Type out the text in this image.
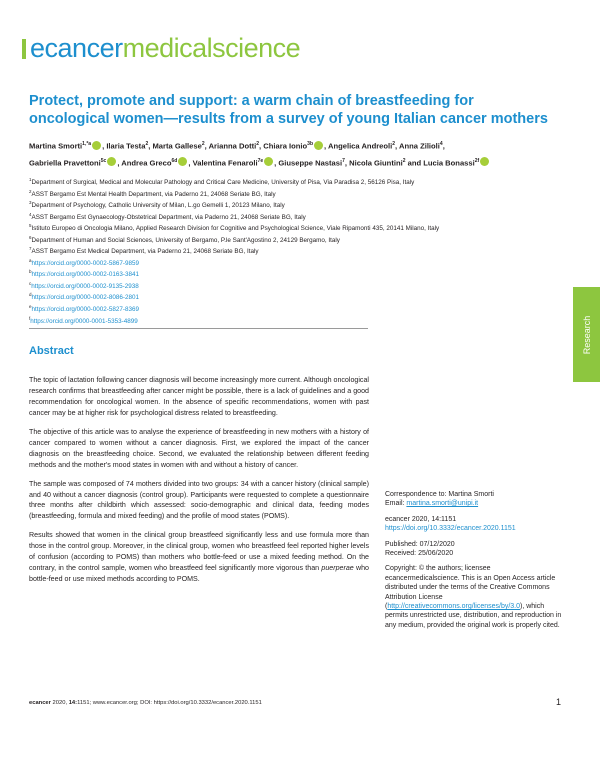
ecancermedicalscience
Protect, promote and support: a warm chain of breastfeeding for oncological women—results from a survey of young Italian cancer mothers
Martina Smorti$^{1,*a}$ , Ilaria Testa$^2$, Marta Gallese$^2$, Arianna Dotti$^2$, Chiara Ionio$^{3b}$ , Angelica Andreoli$^2$, Anna Zilioli$^4$,
Gabriella Pravettoni$^{5c}$ , Andrea Greco$^{6d}$ , Valentina Fenaroli$^{7e}$ , Giuseppe Nastasi$^7$, Nicola Giuntini$^2$ and Lucia Bonassi$^{2f}$
$^1$Department of Surgical, Medical and Molecular Pathology and Critical Care Medicine, University of Pisa, Via Paradisa 2, 56126 Pisa, Italy
$^2$ASST Bergamo Est Mental Health Department, via Paderno 21, 24068 Seriate BG, Italy
$^3$Department of Psychology, Catholic University of Milan, L.go Gemelli 1, 20123 Milano, Italy
$^4$ASST Bergamo Est Gynaecology-Obstetrical Department, via Paderno 21, 24068 Seriate BG, Italy
$^5$Istituto Europeo di Oncologia Milano, Applied Research Division for Cognitive and Psychological Science, Viale Ripamonti 435, 20141 Milano, Italy
$^6$Department of Human and Social Sciences, University of Bergamo, P.le Sant'Agostino 2, 24129 Bergamo, Italy
$^7$ASST Bergamo Est Medical Department, via Paderno 21, 24068 Seriate BG, Italy
$^a$https://orcid.org/0000-0002-5867-9859
$^b$https://orcid.org/0000-0002-0163-3841
$^c$https://orcid.org/0000-0002-9135-2938
$^d$https://orcid.org/0000-0002-8086-2801
$^e$https://orcid.org/0000-0002-5827-8369
$^f$https://orcid.org/0000-0001-5353-4899
Abstract

The topic of lactation following cancer diagnosis will become increasingly more current. Although oncological research confirms that breastfeeding after cancer might be possible, there is a lack of guidelines and a good recommendation for oncological women. In the absence of specific recommendations, women with past cancer may be at higher risk for psychological distress related to breastfeeding.

The objective of this article was to analyse the experience of breastfeeding in new mothers with a history of cancer compared to women without a cancer diagnosis. First, we explored the impact of the cancer diagnosis on the breastfeeding choice. Second, we evaluated the relationship between different feeding methods and the mother's mood states in women with and without a history of cancer.

The sample was composed of 74 mothers divided into two groups: 34 with a cancer history (clinical sample) and 40 without a cancer diagnosis (control group). Participants were requested to complete a questionnaire three months after childbirth which assessed: socio-demographic and clinical data, feeding modes (breastfeeding, formula and mixed feeding) and the profile of mood states (POMS).

Results showed that women in the clinical group breastfeed significantly less and use formula more than those in the control group. Moreover, in the clinical group, women who breastfeed feel reported higher levels of confusion (according to POMS) than mothers who bottle-feed or use a mixed feeding method. On the contrary, in the control sample, women who breastfeed feel significantly more vigorous than puerperae who bottle-feed or use mixed methods according to POMS.

Research
Correspondence to: Martina Smorti
Email: martina.smorti@unipi.it
ecancer 2020, 14:1151
https://doi.org/10.3332/ecancer.2020.1151
Published: 07/12/2020
Received: 25/06/2020
Copyright: © the authors; licensee ecancermedicalscience. This is an Open Access article distributed under the terms of the Creative Commons Attribution License (http://creativecommons.org/licenses/by/3.0), which permits unrestricted use, distribution, and reproduction in any medium, provided the original work is properly cited.
ecancer 2020, 14:1151; www.ecancer.org; DOI: https://doi.org/10.3332/ecancer.2020.1151	1
